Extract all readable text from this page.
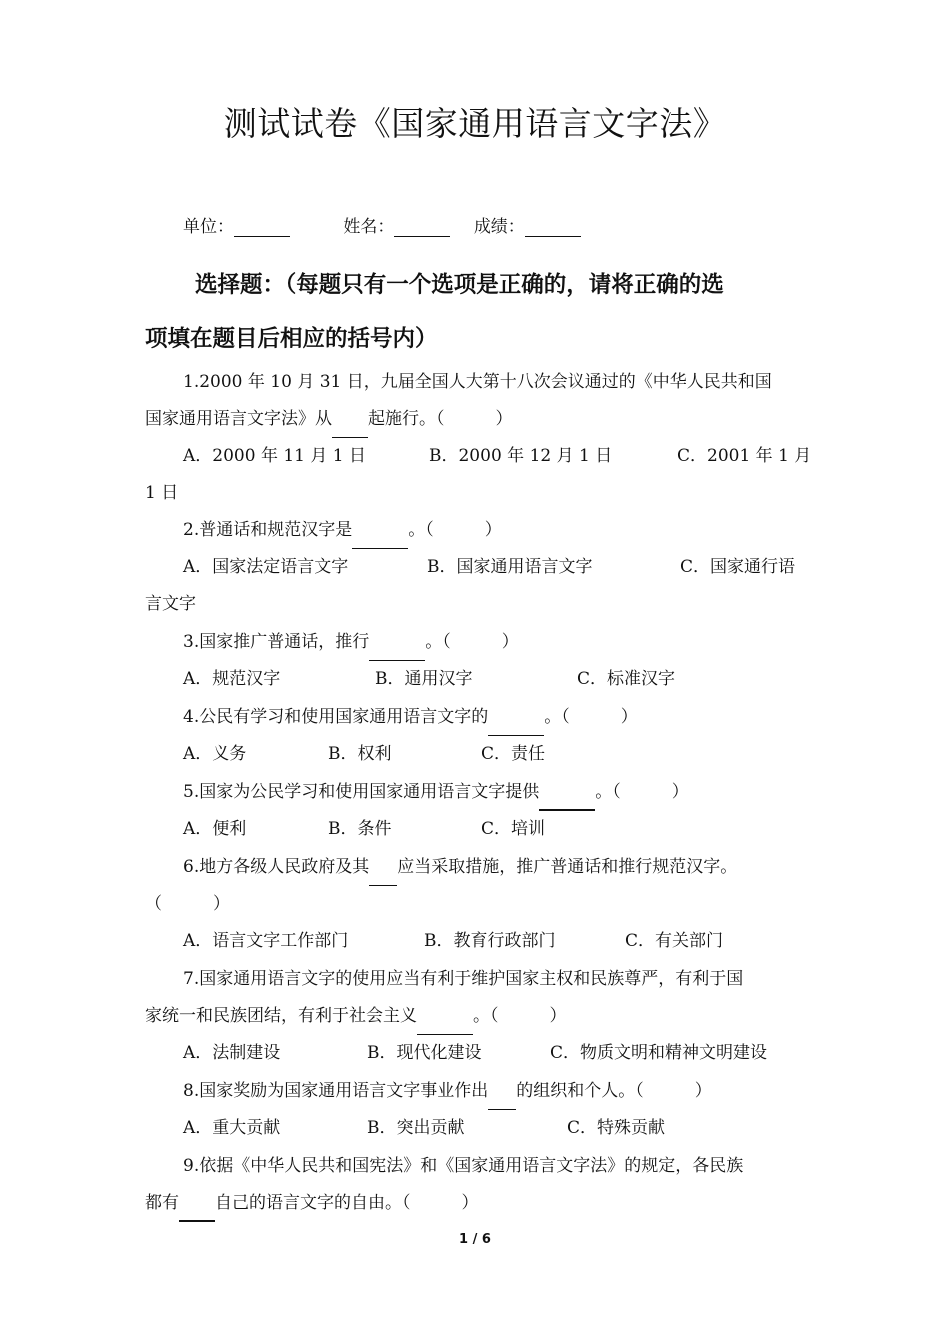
测试试卷《国家通用语言文字法》
单位：	姓名：	成绩：
选择题：（每题只有一个选项是正确的，请将正确的选
项填在题目后相应的括号内）
1.2000 年 10 月 31 日，九届全国人大第十八次会议通过的《中华人民共和国
国家通用语言文字法》从 起施行。（　　　）
A．2000 年 11 月 1 日	B．2000 年 12 月 1 日	C．2001 年 1 月
1 日
2.普通话和规范汉字是	。（　　　）
A．国家法定语言文字	B．国家通用语言文字	C．国家通行语
言文字
3.国家推广普通话，推行	。（　　　）
A．规范汉字	B．通用汉字	C．标准汉字
4.公民有学习和使用国家通用语言文字的	。（　　　）
A．义务	B．权利	C．责任
5.国家为公民学习和使用国家通用语言文字提供	。（　　　）
A．便利	B．条件	C．培训
6.地方各级人民政府及其 应当采取措施，推广普通话和推行规范汉字。
（　　　）
A．语言文字工作部门	B．教育行政部门	C．有关部门
7.国家通用语言文字的使用应当有利于维护国家主权和民族尊严，有利于国
家统一和民族团结，有利于社会主义	。（　　　）
A．法制建设	B．现代化建设	C．物质文明和精神文明建设
8.国家奖励为国家通用语言文字事业作出 的组织和个人。（　　　）
A．重大贡献	B．突出贡献	C．特殊贡献
9.依据《中华人民共和国宪法》和《国家通用语言文字法》的规定，各民族
都有 自己的语言文字的自由。（　　　）
1 / 6
